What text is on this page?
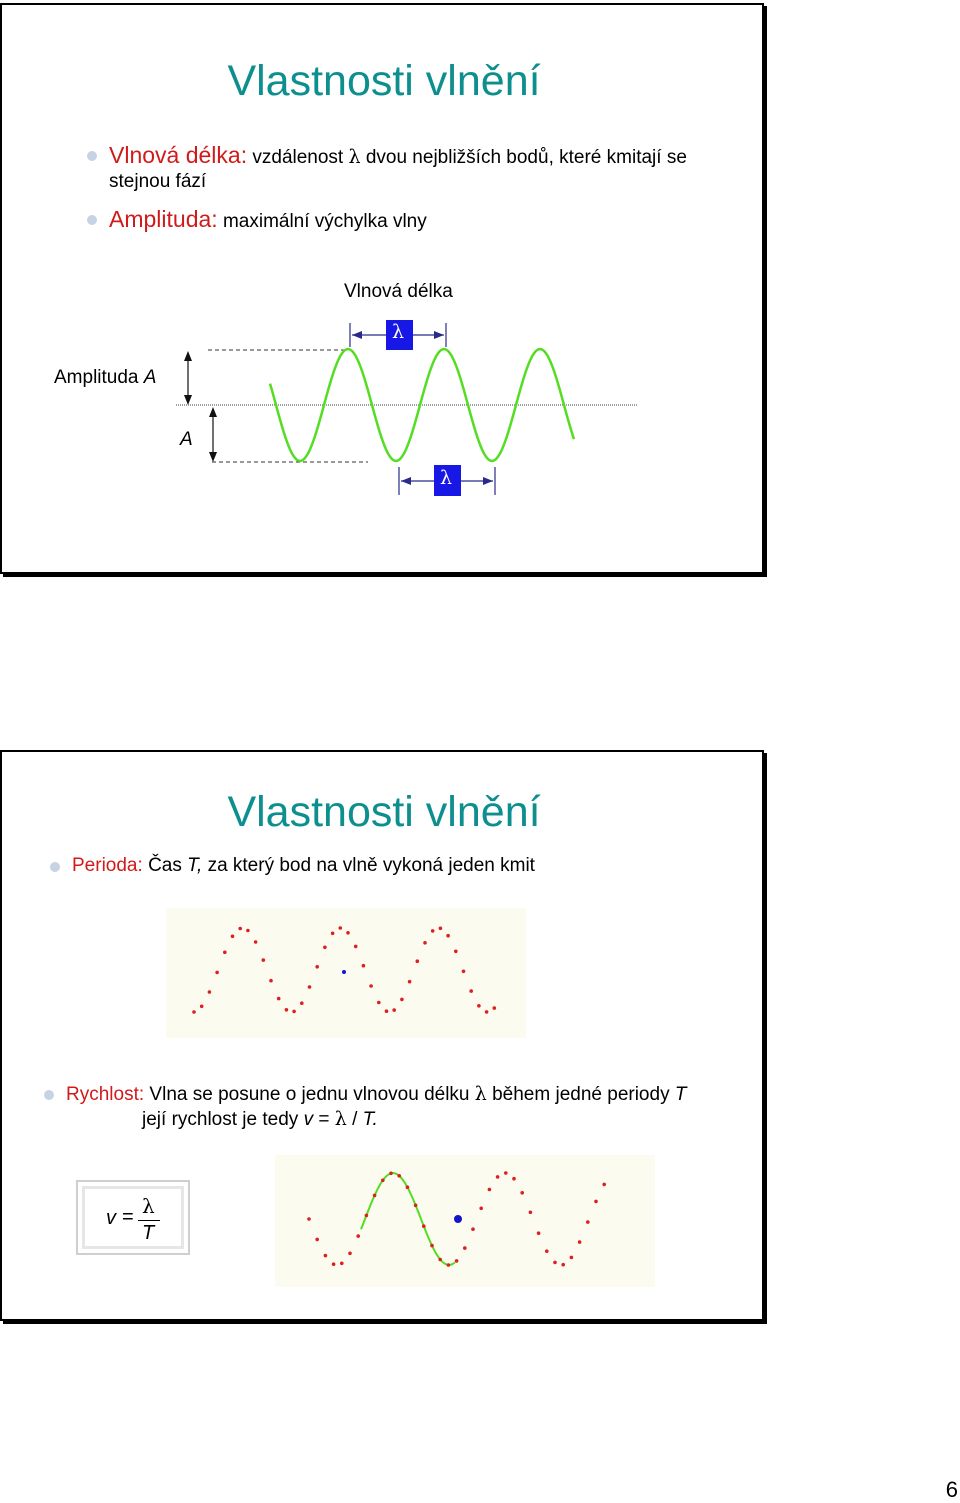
Vlastnosti vlnění
Vlnová délka: vzdálenost λ dvou nejbližších bodů, které kmitají se
stejnou fází
Amplituda: maximální výchylka vlny
Vlnová délka
Amplituda A
A
λ
λ
Vlastnosti vlnění
Perioda: Čas T, za který bod na vlně vykoná jeden kmit
Rychlost: Vlna se posune o jednu vlnovou délku λ během jedné periody T
její rychlost je tedy v = λ / T.
v = λ
T
6
